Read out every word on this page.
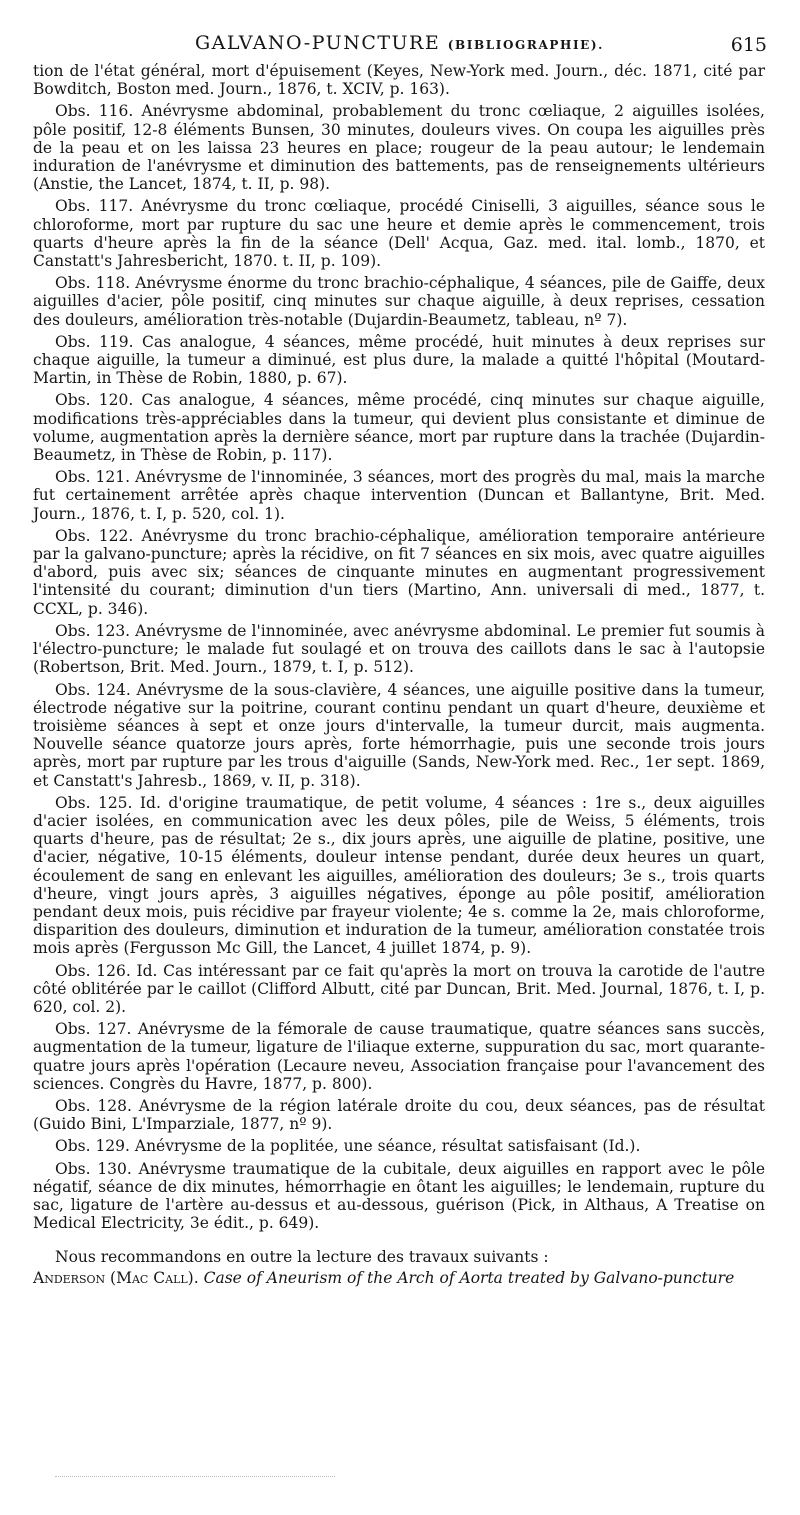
GALVANO-PUNCTURE (BIBLIOGRAPHIE).	615

tion de l'état général, mort d'épuisement (Keyes, New-York med. Journ., déc. 1871, cité par Bowditch, Boston med. Journ., 1876, t. XCIV, p. 163).

Obs. 116. Anévrysme abdominal, probablement du tronc cœliaque, 2 aiguilles isolées, pôle positif, 12-8 éléments Bunsen, 30 minutes, douleurs vives. On coupa les aiguilles près de la peau et on les laissa 23 heures en place; rougeur de la peau autour; le lendemain induration de l'anévrysme et diminution des battements, pas de renseignements ultérieurs (Anstie, the Lancet, 1874, t. II, p. 98).

Obs. 117. Anévrysme du tronc cœliaque, procédé Ciniselli, 3 aiguilles, séance sous le chloroforme, mort par rupture du sac une heure et demie après le commencement, trois quarts d'heure après la fin de la séance (Dell' Acqua, Gaz. med. ital. lomb., 1870, et Canstatt's Jahresbericht, 1870. t. II, p. 109).

Obs. 118. Anévrysme énorme du tronc brachio-céphalique, 4 séances, pile de Gaiffe, deux aiguilles d'acier, pôle positif, cinq minutes sur chaque aiguille, à deux reprises, cessation des douleurs, amélioration très-notable (Dujardin-Beaumetz, tableau, nº 7).

Obs. 119. Cas analogue, 4 séances, même procédé, huit minutes à deux reprises sur chaque aiguille, la tumeur a diminué, est plus dure, la malade a quitté l'hôpital (Moutard-Martin, in Thèse de Robin, 1880, p. 67).

Obs. 120. Cas analogue, 4 séances, même procédé, cinq minutes sur chaque aiguille, modifications très-appréciables dans la tumeur, qui devient plus consistante et diminue de volume, augmentation après la dernière séance, mort par rupture dans la trachée (Dujardin-Beaumetz, in Thèse de Robin, p. 117).

Obs. 121. Anévrysme de l'innominée, 3 séances, mort des progrès du mal, mais la marche fut certainement arrêtée après chaque intervention (Duncan et Ballantyne, Brit. Med. Journ., 1876, t. I, p. 520, col. 1).

Obs. 122. Anévrysme du tronc brachio-céphalique, amélioration temporaire antérieure par la galvano-puncture; après la récidive, on fit 7 séances en six mois, avec quatre aiguilles d'abord, puis avec six; séances de cinquante minutes en augmentant progressivement l'intensité du courant; diminution d'un tiers (Martino, Ann. universali di med., 1877, t. CCXL, p. 346).

Obs. 123. Anévrysme de l'innominée, avec anévrysme abdominal. Le premier fut soumis à l'électro-puncture; le malade fut soulagé et on trouva des caillots dans le sac à l'autopsie (Robertson, Brit. Med. Journ., 1879, t. I, p. 512).

Obs. 124. Anévrysme de la sous-clavière, 4 séances, une aiguille positive dans la tumeur, électrode négative sur la poitrine, courant continu pendant un quart d'heure, deuxième et troisième séances à sept et onze jours d'intervalle, la tumeur durcit, mais augmenta. Nouvelle séance quatorze jours après, forte hémorrhagie, puis une seconde trois jours après, mort par rupture par les trous d'aiguille (Sands, New-York med. Rec., 1er sept. 1869, et Canstatt's Jahresb., 1869, v. II, p. 318).

Obs. 125. Id. d'origine traumatique, de petit volume, 4 séances : 1re s., deux aiguilles d'acier isolées, en communication avec les deux pôles, pile de Weiss, 5 éléments, trois quarts d'heure, pas de résultat; 2e s., dix jours après, une aiguille de platine, positive, une d'acier, négative, 10-15 éléments, douleur intense pendant, durée deux heures un quart, écoulement de sang en enlevant les aiguilles, amélioration des douleurs; 3e s., trois quarts d'heure, vingt jours après, 3 aiguilles négatives, éponge au pôle positif, amélioration pendant deux mois, puis récidive par frayeur violente; 4e s. comme la 2e, mais chloroforme, disparition des douleurs, diminution et induration de la tumeur, amélioration constatée trois mois après (Fergusson Mc Gill, the Lancet, 4 juillet 1874, p. 9).

Obs. 126. Id. Cas intéressant par ce fait qu'après la mort on trouva la carotide de l'autre côté oblitérée par le caillot (Clifford Albutt, cité par Duncan, Brit. Med. Journal, 1876, t. I, p. 620, col. 2).

Obs. 127. Anévrysme de la fémorale de cause traumatique, quatre séances sans succès, augmentation de la tumeur, ligature de l'iliaque externe, suppuration du sac, mort quarante-quatre jours après l'opération (Lecaure neveu, Association française pour l'avancement des sciences. Congrès du Havre, 1877, p. 800).

Obs. 128. Anévrysme de la région latérale droite du cou, deux séances, pas de résultat (Guido Bini, L'Imparziale, 1877, nº 9).

Obs. 129. Anévrysme de la poplitée, une séance, résultat satisfaisant (Id.).

Obs. 130. Anévrysme traumatique de la cubitale, deux aiguilles en rapport avec le pôle négatif, séance de dix minutes, hémorrhagie en ôtant les aiguilles; le lendemain, rupture du sac, ligature de l'artère au-dessus et au-dessous, guérison (Pick, in Althaus, A Treatise on Medical Electricity, 3e édit., p. 649).

Nous recommandons en outre la lecture des travaux suivants :

Anderson (Mac Call). Case of Aneurism of the Arch of Aorta treated by Galvano-puncture
